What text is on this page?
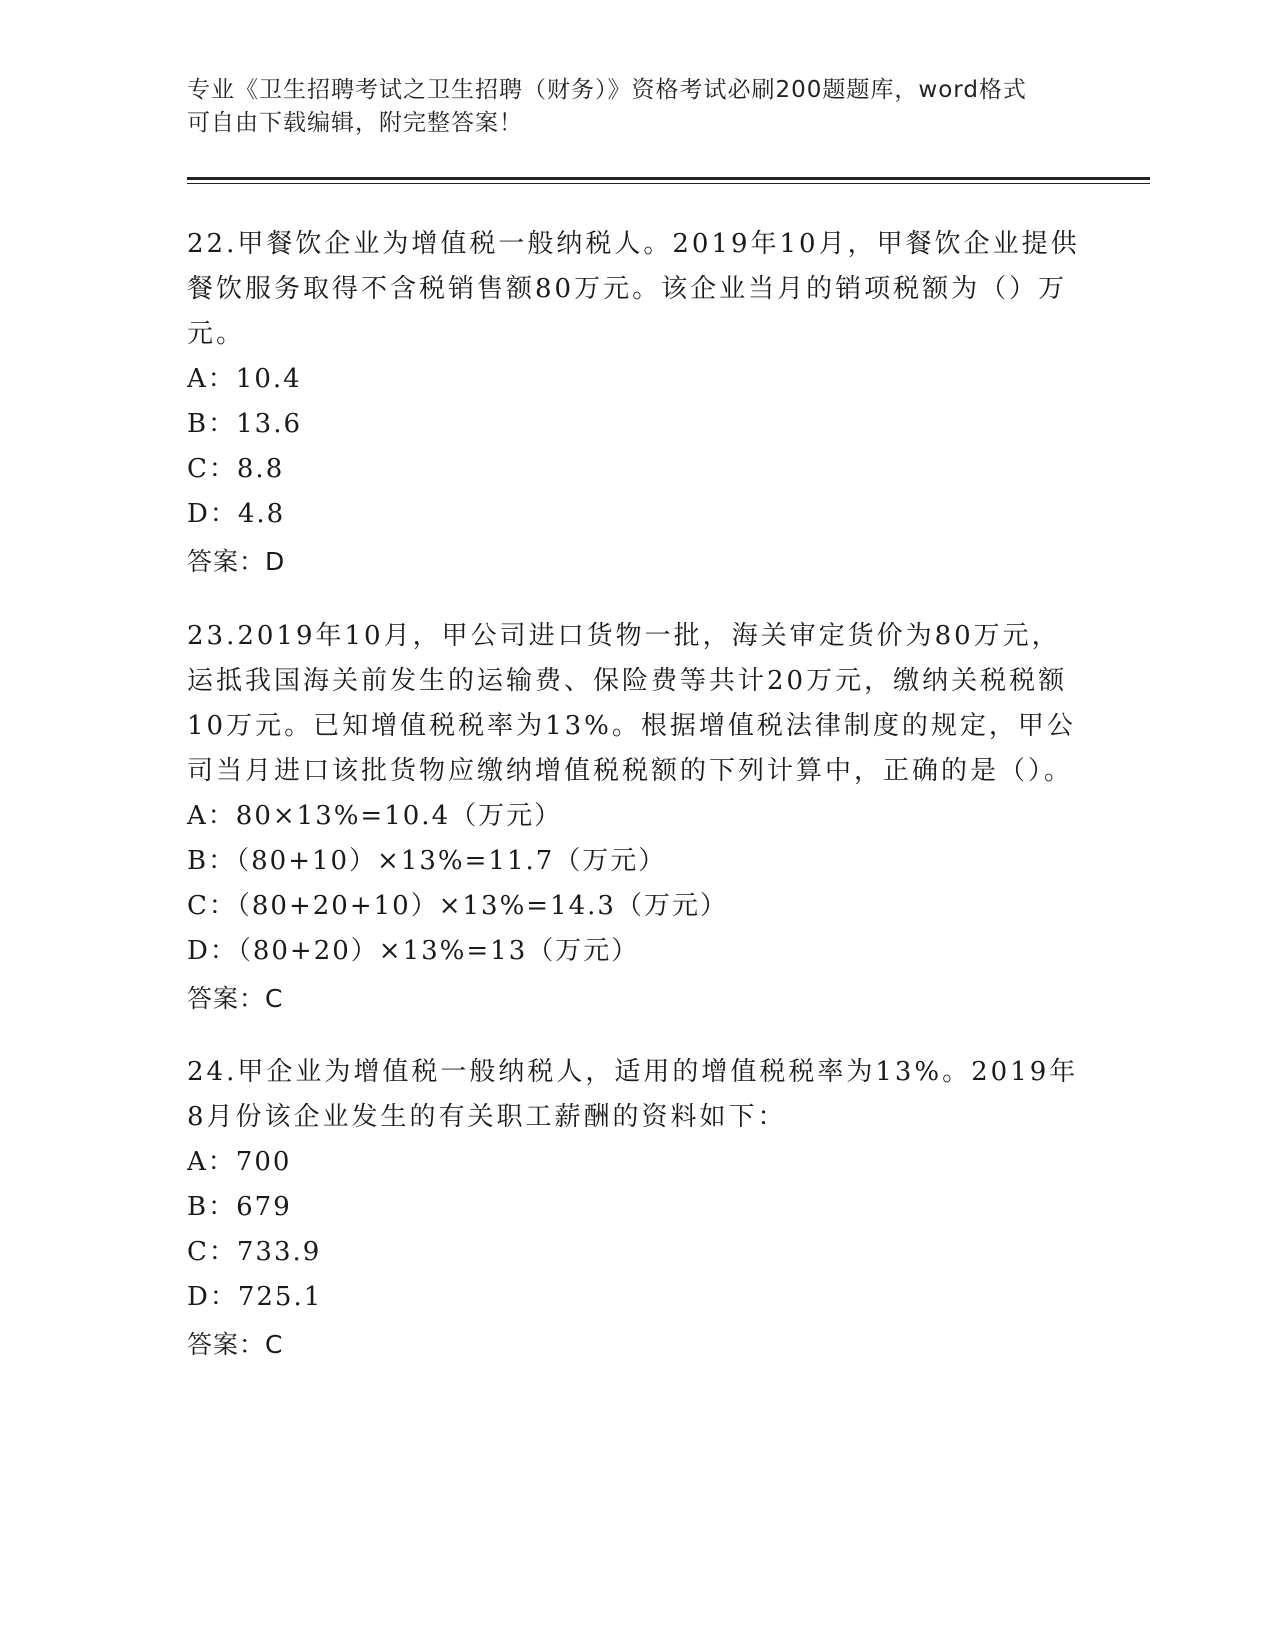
专业《卫生招聘考试之卫生招聘（财务）》资格考试必刷200题题库，word格式
可自由下载编辑，附完整答案！
22.甲餐饮企业为增值税一般纳税人。2019年10月，甲餐饮企业提供餐饮服务取得不含税销售额80万元。该企业当月的销项税额为（）万元。
A：10.4
B：13.6
C：8.8
D：4.8
答案：D
23.2019年10月，甲公司进口货物一批，海关审定货价为80万元，运抵我国海关前发生的运输费、保险费等共计20万元，缴纳关税税额10万元。已知增值税税率为13%。根据增值税法律制度的规定，甲公司当月进口该批货物应缴纳增值税税额的下列计算中，正确的是（）。
A：80×13%=10.4（万元）
B：（80+10）×13%=11.7（万元）
C：（80+20+10）×13%=14.3（万元）
D：（80+20）×13%=13（万元）
答案：C
24.甲企业为增值税一般纳税人，适用的增值税税率为13%。2019年8月份该企业发生的有关职工薪酬的资料如下：
A：700
B：679
C：733.9
D：725.1
答案：C
